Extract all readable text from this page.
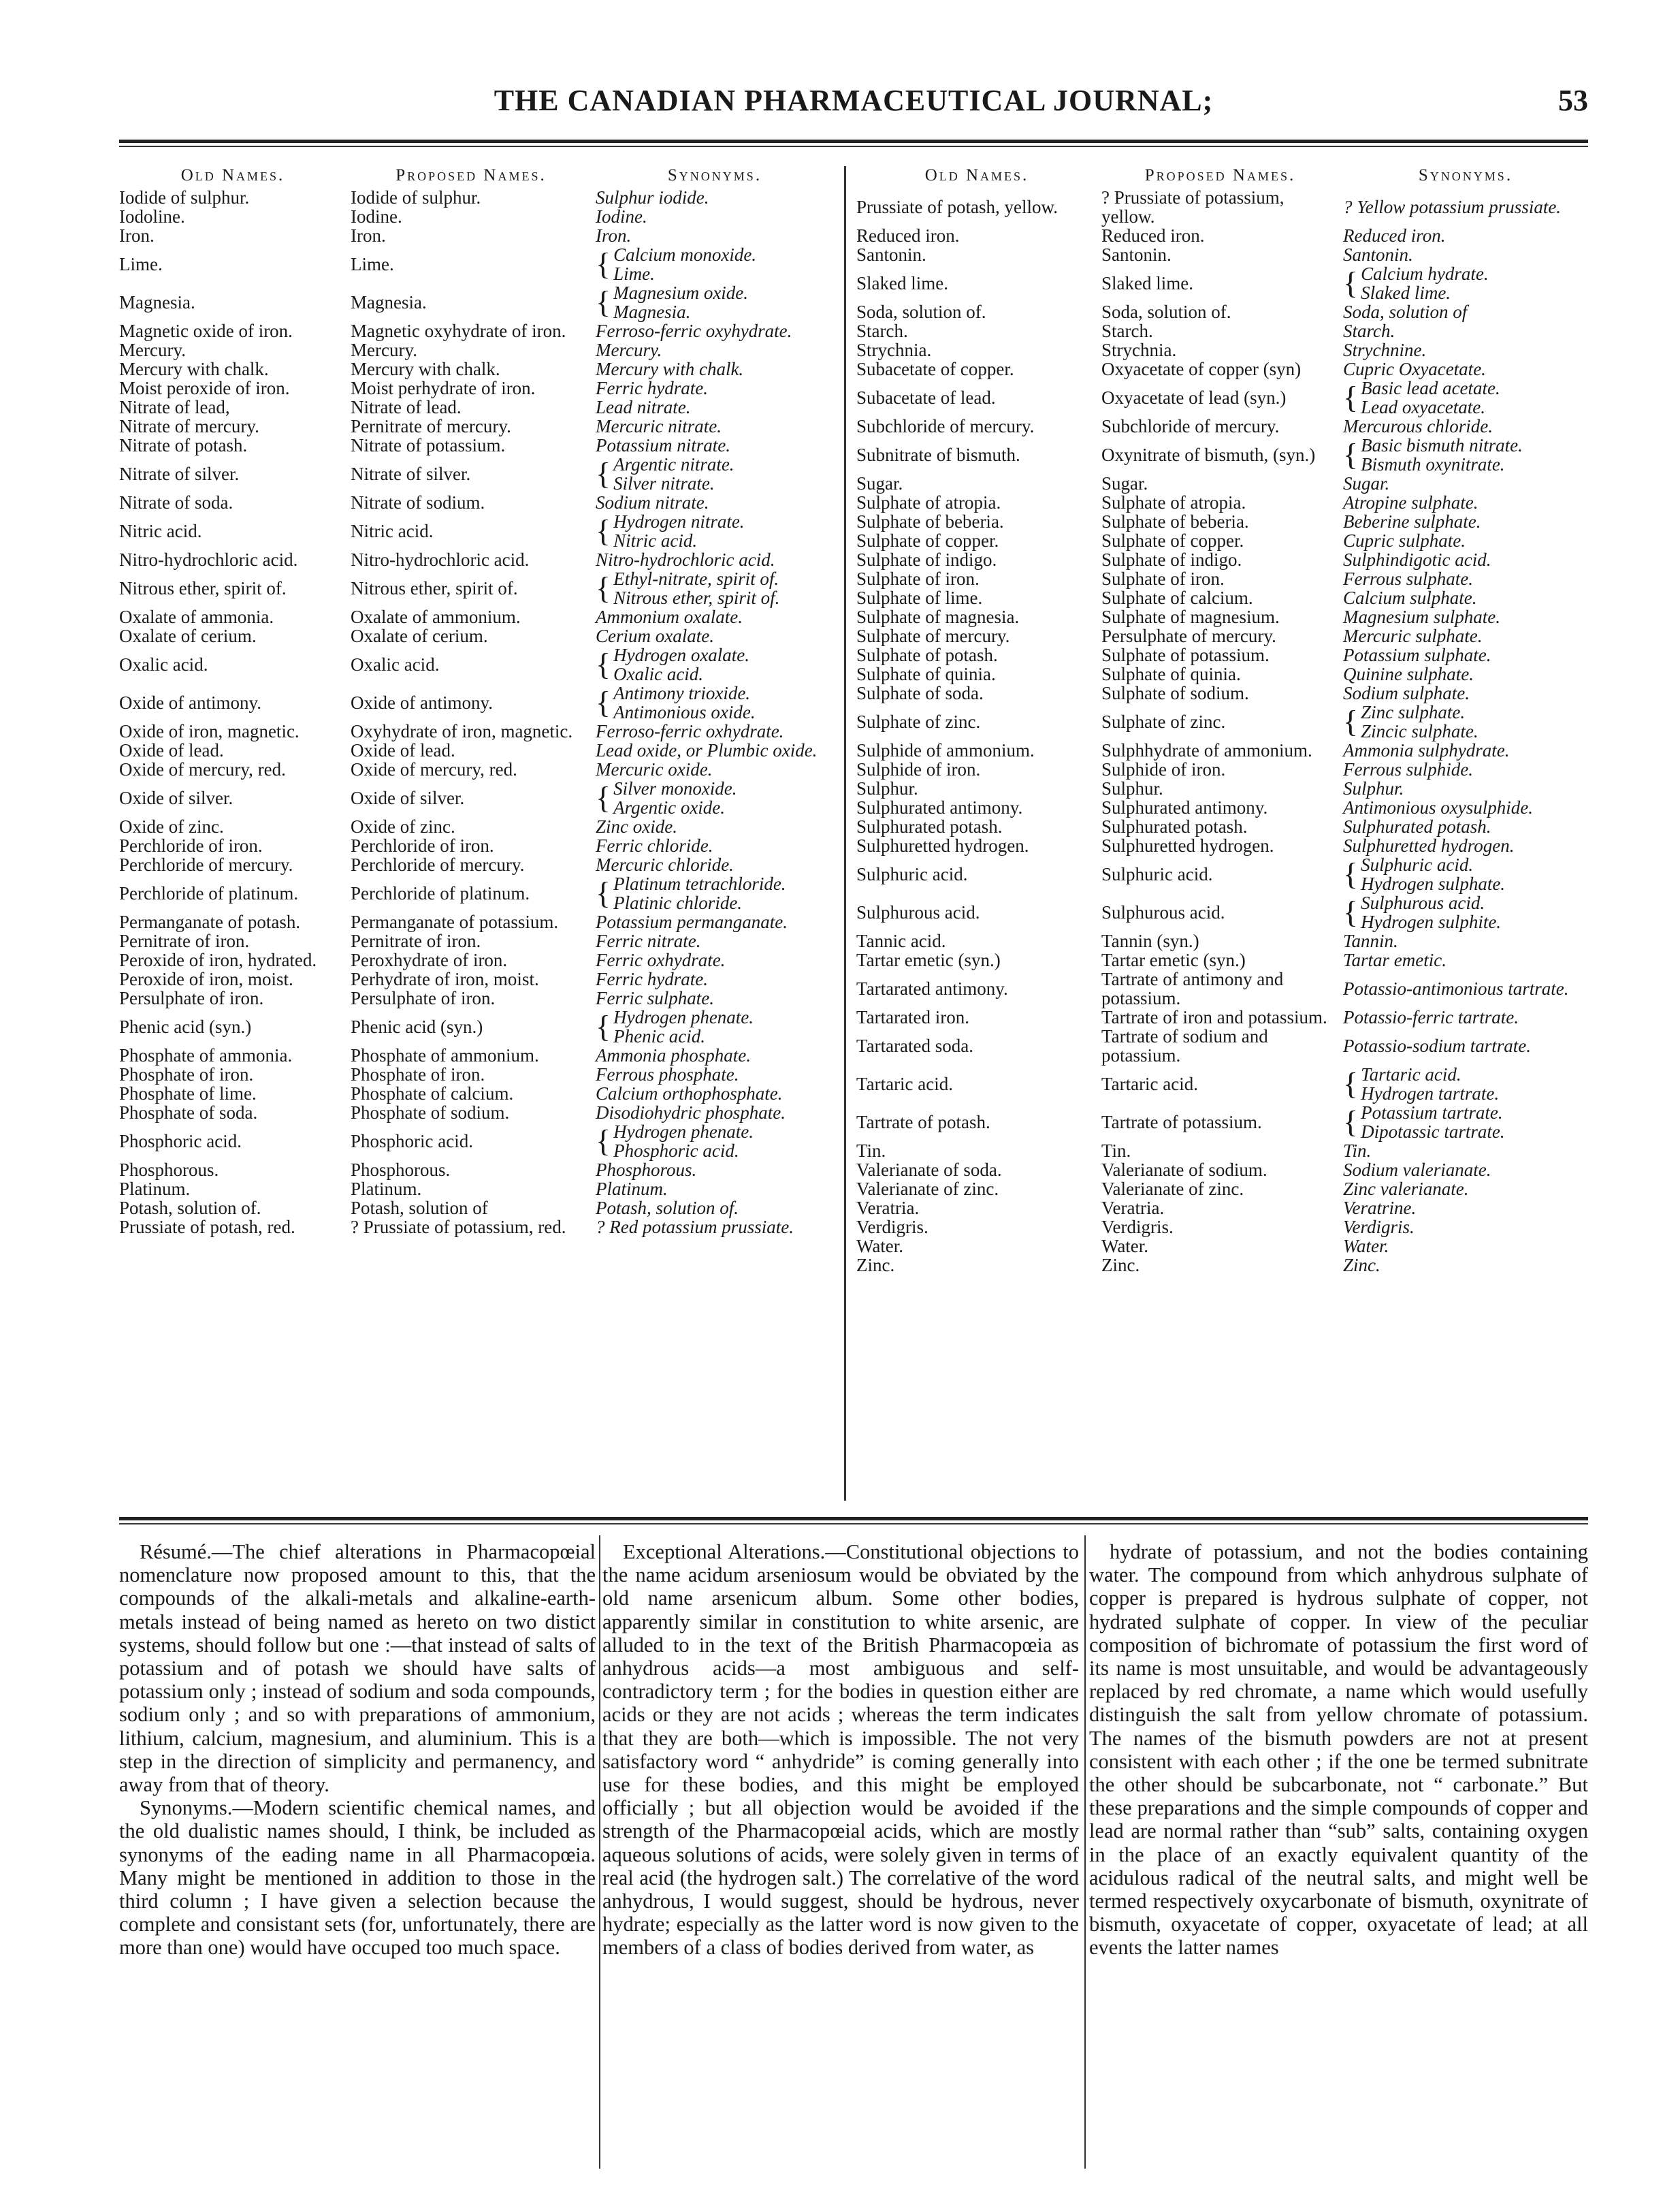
THE CANADIAN PHARMACEUTICAL JOURNAL;	53
Old Names.	Proposed Names.	Synonyms.
Iodide of sulphur.	Iodide of sulphur.	Sulphur iodide.
Iodoline.	Iodine.	Iodine.
Iron.	Iron.	Iron.
Lime.	Lime.	{ Calcium monoxide.
Lime.
Magnesia.	Magnesia.	{ Magnesium oxide.
Magnesia.
Magnetic oxide of iron.	Magnetic oxyhydrate of iron.	Ferroso-ferric oxyhydrate.
Mercury.	Mercury.	Mercury.
Mercury with chalk.	Mercury with chalk.	Mercury with chalk.
Moist peroxide of iron.	Moist perhydrate of iron.	Ferric hydrate.
Nitrate of lead,	Nitrate of lead.	Lead nitrate.
Nitrate of mercury.	Pernitrate of mercury.	Mercuric nitrate.
Nitrate of potash.	Nitrate of potassium.	Potassium nitrate.
Nitrate of silver.	Nitrate of silver.	{ Argentic nitrate.
Silver nitrate.
Nitrate of soda.	Nitrate of sodium.	Sodium nitrate.
Nitric acid.	Nitric acid.	{ Hydrogen nitrate.
Nitric acid.
Nitro-hydrochloric acid.	Nitro-hydrochloric acid.	Nitro-hydrochloric acid.
Nitrous ether, spirit of.	Nitrous ether, spirit of.	{ Ethyl-nitrate, spirit of.
Nitrous ether, spirit of.
Oxalate of ammonia.	Oxalate of ammonium.	Ammonium oxalate.
Oxalate of cerium.	Oxalate of cerium.	Cerium oxalate.
Oxalic acid.	Oxalic acid.	{ Hydrogen oxalate.
Oxalic acid.
Oxide of antimony.	Oxide of antimony.	{ Antimony trioxide.
Antimonious oxide.
Oxide of iron, magnetic.	Oxyhydrate of iron, magnetic.	Ferroso-ferric oxhydrate.
Oxide of lead.	Oxide of lead.	Lead oxide, or Plumbic oxide.
Oxide of mercury, red.	Oxide of mercury, red.	Mercuric oxide.
Oxide of silver.	Oxide of silver.	{ Silver monoxide.
Argentic oxide.
Oxide of zinc.	Oxide of zinc.	Zinc oxide.
Perchloride of iron.	Perchloride of iron.	Ferric chloride.
Perchloride of mercury.	Perchloride of mercury.	Mercuric chloride.
Perchloride of platinum.	Perchloride of platinum.	{ Platinum tetrachloride.
Platinic chloride.
Permanganate of potash.	Permanganate of potassium.	Potassium permanganate.
Pernitrate of iron.	Pernitrate of iron.	Ferric nitrate.
Peroxide of iron, hydrated.	Peroxhydrate of iron.	Ferric oxhydrate.
Peroxide of iron, moist.	Perhydrate of iron, moist.	Ferric hydrate.
Persulphate of iron.	Persulphate of iron.	Ferric sulphate.
Phenic acid (syn.)	Phenic acid (syn.)	{ Hydrogen phenate.
Phenic acid.
Phosphate of ammonia.	Phosphate of ammonium.	Ammonia phosphate.
Phosphate of iron.	Phosphate of iron.	Ferrous phosphate.
Phosphate of lime.	Phosphate of calcium.	Calcium orthophosphate.
Phosphate of soda.	Phosphate of sodium.	Disodiohydric phosphate.
Phosphoric acid.	Phosphoric acid.	{ Hydrogen phenate.
Phosphoric acid.
Phosphorous.	Phosphorous.	Phosphorous.
Platinum.	Platinum.	Platinum.
Potash, solution of.	Potash, solution of	Potash, solution of.
Prussiate of potash, red.	? Prussiate of potassium, red.	? Red potassium prussiate.
Old Names.	Proposed Names.	Synonyms.
Prussiate of potash, yellow.	? Prussiate of potassium, yellow.	? Yellow potassium prussiate.
Reduced iron.	Reduced iron.	Reduced iron.
Santonin.	Santonin.	Santonin.
Slaked lime.	Slaked lime.	{ Calcium hydrate.
Slaked lime.
Soda, solution of.	Soda, solution of.	Soda, solution of
Starch.	Starch.	Starch.
Strychnia.	Strychnia.	Strychnine.
Subacetate of copper.	Oxyacetate of copper (syn)	Cupric Oxyacetate.
Subacetate of lead.	Oxyacetate of lead (syn.)	{ Basic lead acetate.
Lead oxyacetate.
Subchloride of mercury.	Subchloride of mercury.	Mercurous chloride.
Subnitrate of bismuth.	Oxynitrate of bismuth, (syn.) { Basic bismuth nitrate.
Bismuth oxynitrate.
Sugar.	Sugar.	Sugar.
Sulphate of atropia.	Sulphate of atropia.	Atropine sulphate.
Sulphate of beberia.	Sulphate of beberia.	Beberine sulphate.
Sulphate of copper.	Sulphate of copper.	Cupric sulphate.
Sulphate of indigo.	Sulphate of indigo.	Sulphindigotic acid.
Sulphate of iron.	Sulphate of iron.	Ferrous sulphate.
Sulphate of lime.	Sulphate of calcium.	Calcium sulphate.
Sulphate of magnesia.	Sulphate of magnesium.	Magnesium sulphate.
Sulphate of mercury.	Persulphate of mercury.	Mercuric sulphate.
Sulphate of potash.	Sulphate of potassium.	Potassium sulphate.
Sulphate of quinia.	Sulphate of quinia.	Quinine sulphate.
Sulphate of soda.	Sulphate of sodium.	Sodium sulphate.
Sulphate of zinc.	Sulphate of zinc.	{ Zinc sulphate.
Zincic sulphate.
Sulphide of ammonium.	Sulphhydrate of ammonium.	Ammonia sulphydrate.
Sulphide of iron.	Sulphide of iron.	Ferrous sulphide.
Sulphur.	Sulphur.	Sulphur.
Sulphurated antimony.	Sulphurated antimony.	Antimonious oxysulphide.
Sulphurated potash.	Sulphurated potash.	Sulphurated potash.
Sulphuretted hydrogen.	Sulphuretted hydrogen.	Sulphuretted hydrogen.
Sulphuric acid.	Sulphuric acid.	{ Sulphuric acid.
Hydrogen sulphate.
Sulphurous acid.	Sulphurous acid.	{ Sulphurous acid.
Hydrogen sulphite.
Tannic acid.	Tannin (syn.)	Tannin.
Tartar emetic (syn.)	Tartar emetic (syn.)	Tartar emetic.
Tartarated antimony.	Tartrate of antimony and potassium.	Potassio-antimonious tartrate.
Tartarated iron.	Tartrate of iron and potassium. Potassio-ferric tartrate.
Tartarated soda.	Tartrate of sodium and potassium.	Potassio-sodium tartrate.
Tartaric acid.	Tartaric acid.	{ Tartaric acid.
Hydrogen tartrate.
Tartrate of potash.	Tartrate of potassium.	{ Potassium tartrate.
Dipotassic tartrate.
Tin.	Tin.	Tin.
Valerianate of soda.	Valerianate of sodium.	Sodium valerianate.
Valerianate of zinc.	Valerianate of zinc.	Zinc valerianate.
Veratria.	Veratria.	Veratrine.
Verdigris.	Verdigris.	Verdigris.
Water.	Water.	Water.
Zinc.	Zinc.	Zinc.

Résumé.—The chief alterations in Pharmacopœial nomenclature now proposed amount to this, that the compounds of the alkali-metals and alkaline-earth-metals instead of being named as hereto on two distict systems, should follow but one :—that instead of salts of potassium and of potash we should have salts of potassium only ; instead of sodium and soda compounds, sodium only ; and so with preparations of ammonium, lithium, calcium, magnesium, and aluminium. This is a step in the direction of simplicity and permanency, and away from that of theory.

Synonyms.—Modern scientific chemical names, and the old dualistic names should, I think, be included as synonyms of the eading name in all Pharmacopœia. Many might be mentioned in addition to those in the third column ; I have given a selection because the complete and consistant sets (for, unfortunately, there are more than one) would have occuped too much space.

Exceptional Alterations.—Constitutional objections to the name acidum arseniosum would be obviated by the old name arsenicum album. Some other bodies, apparently similar in constitution to white arsenic, are alluded to in the text of the British Pharmacopœia as anhydrous acids—a most ambiguous and self-contradictory term ; for the bodies in question either are acids or they are not acids ; whereas the term indicates that they are both—which is impossible. The not very satisfactory word “ anhydride” is coming generally into use for these bodies, and this might be employed officially ; but all objection would be avoided if the strength of the Pharmacopœial acids, which are mostly aqueous solutions of acids, were solely given in terms of real acid (the hydrogen salt.) The correlative of the word anhydrous, I would suggest, should be hydrous, never hydrate; especially as the latter word is now given to the members of a class of bodies derived from water, as

hydrate of potassium, and not the bodies containing water. The compound from which anhydrous sulphate of copper is prepared is hydrous sulphate of copper, not hydrated sulphate of copper. In view of the peculiar composition of bichromate of potassium the first word of its name is most unsuitable, and would be advantageously replaced by red chromate, a name which would usefully distinguish the salt from yellow chromate of potassium. The names of the bismuth powders are not at present consistent with each other ; if the one be termed subnitrate the other should be subcarbonate, not “ carbonate.” But these preparations and the simple compounds of copper and lead are normal rather than “sub” salts, containing oxygen in the place of an exactly equivalent quantity of the acidulous radical of the neutral salts, and might well be termed respectively oxycarbonate of bismuth, oxynitrate of bismuth, oxyacetate of copper, oxyacetate of lead; at all events the latter names
